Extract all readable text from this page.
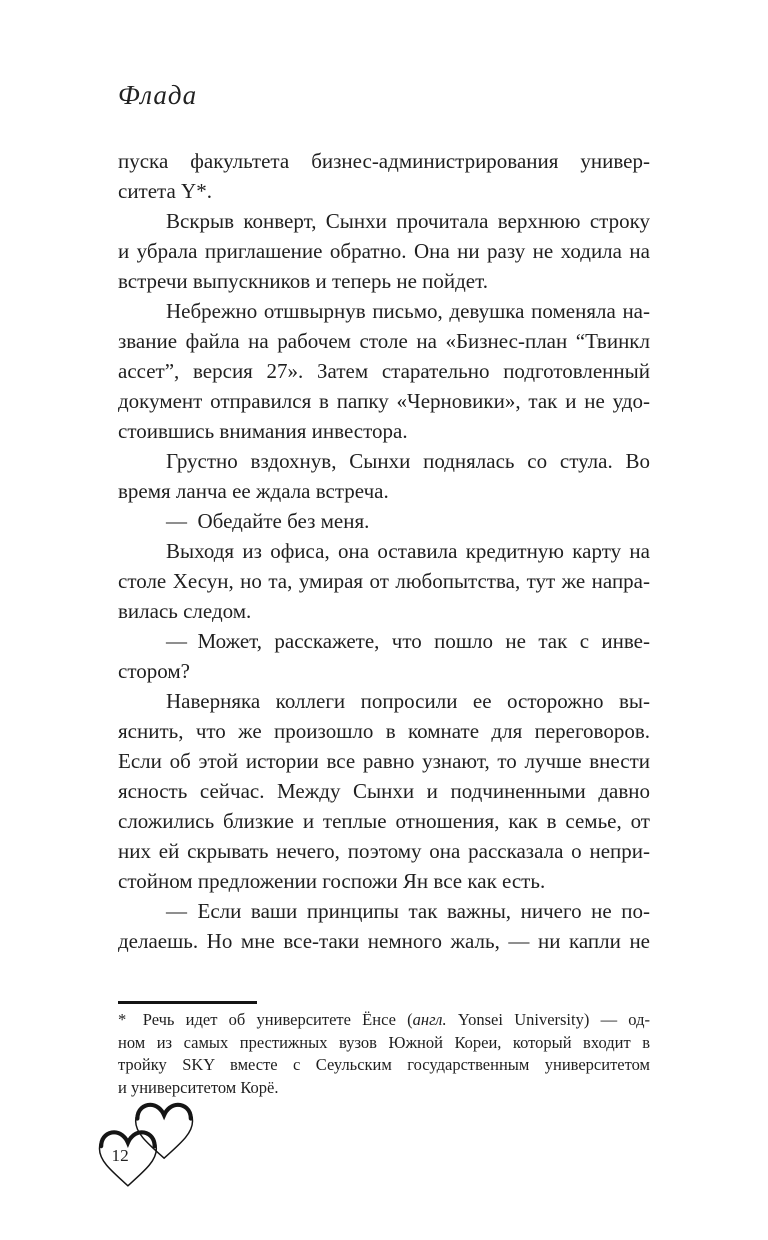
Флада
пуска факультета бизнес-администрирования универ-
ситета Y*.
Вскрыв конверт, Сынхи прочитала верхнюю строку
и убрала приглашение обратно. Она ни разу не ходила на
встречи выпускников и теперь не пойдет.
Небрежно отшвырнув письмо, девушка поменяла на-
звание файла на рабочем столе на «Бизнес-план “Твинкл
ассет”, версия 27». Затем старательно подготовленный
документ отправился в папку «Черновики», так и не удо-
стоившись внимания инвестора.
Грустно вздохнув, Сынхи поднялась со стула. Во
время ланча ее ждала встреча.
— Обедайте без меня.
Выходя из офиса, она оставила кредитную карту на
столе Хесун, но та, умирая от любопытства, тут же напра-
вилась следом.
— Может, расскажете, что пошло не так с инве-
стором?
Наверняка коллеги попросили ее осторожно вы-
яснить, что же произошло в комнате для переговоров.
Если об этой истории все равно узнают, то лучше внести
ясность сейчас. Между Сынхи и подчиненными давно
сложились близкие и теплые отношения, как в семье, от
них ей скрывать нечего, поэтому она рассказала о непри-
стойном предложении госпожи Ян все как есть.
— Если ваши принципы так важны, ничего не по-
делаешь. Но мне все-таки немного жаль, — ни капли не
*  Речь идет об университете Ёнсе (англ. Yonsei University) — од-
ном из самых престижных вузов Южной Кореи, который входит в
тройку SKY вместе с Сеульским государственным университетом
и университетом Корё.
12
